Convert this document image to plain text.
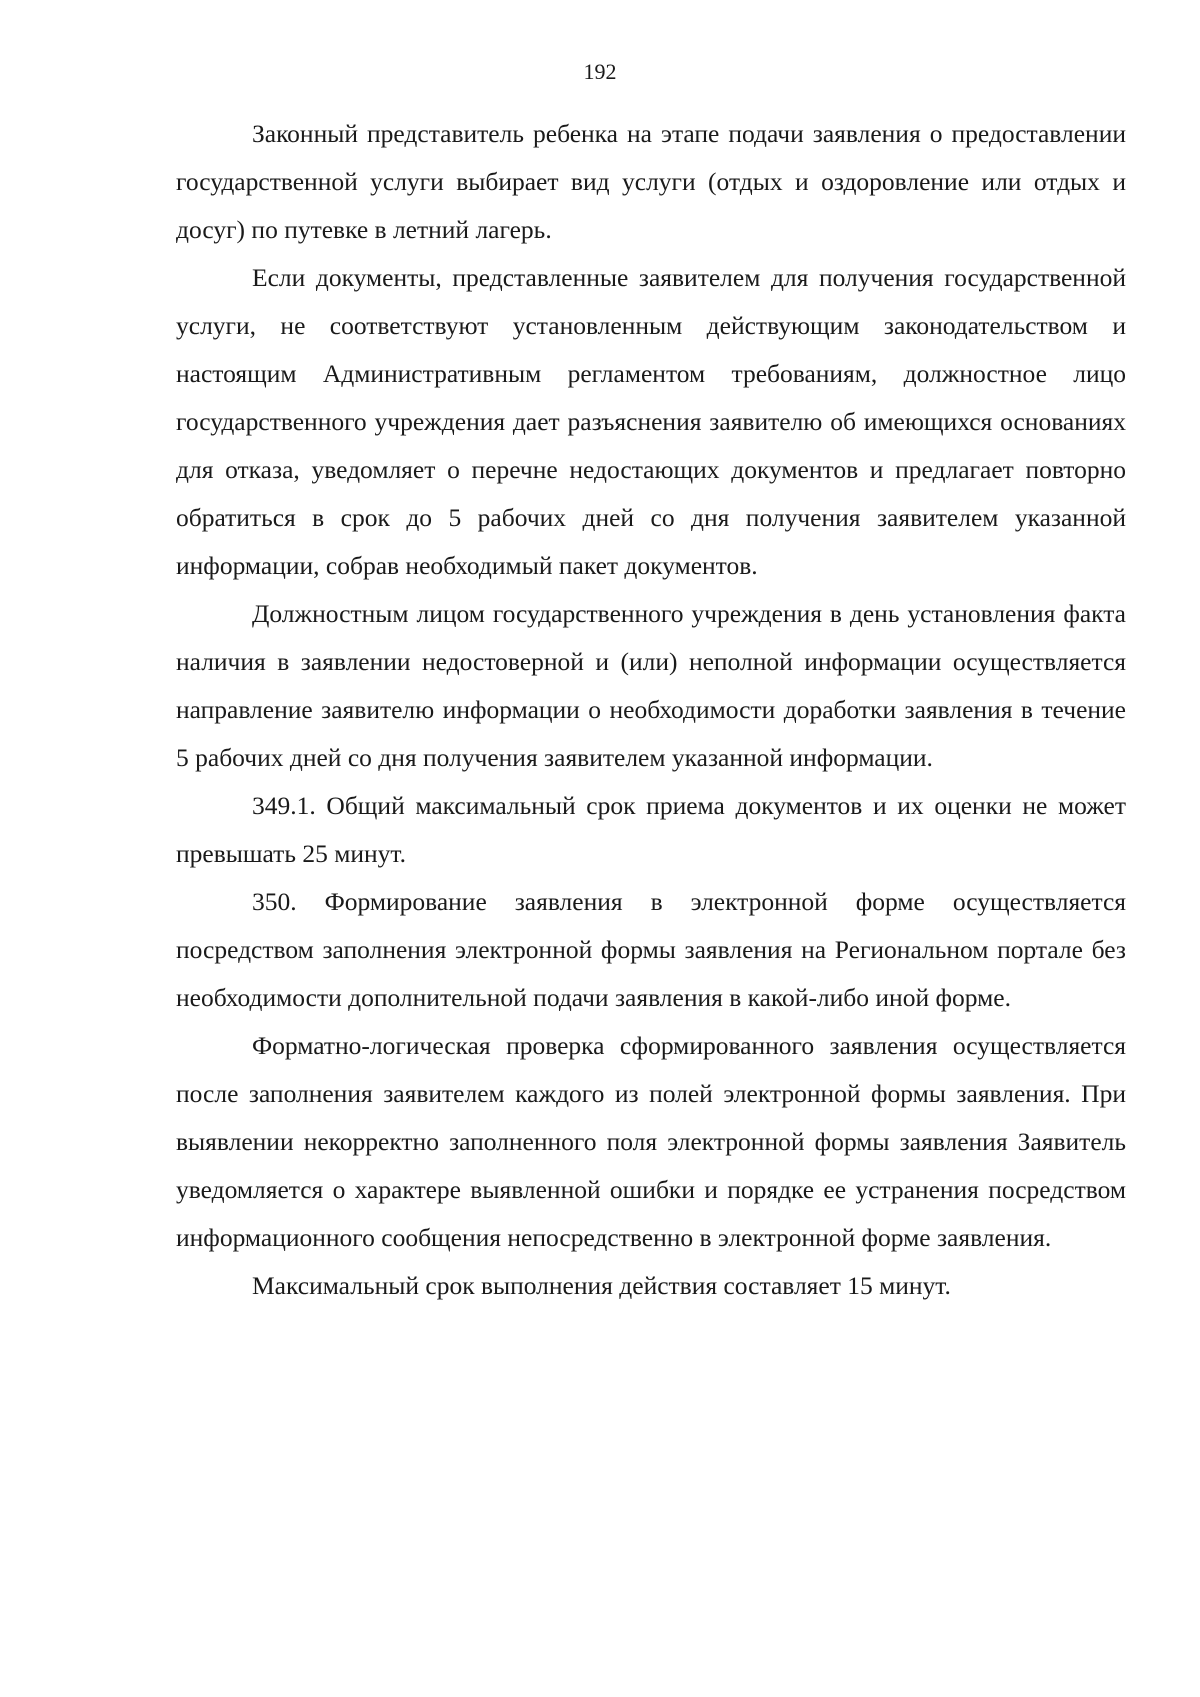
192

Законный представитель ребенка на этапе подачи заявления о предоставлении государственной услуги выбирает вид услуги (отдых и оздоровление или отдых и досуг) по путевке в летний лагерь.

Если документы, представленные заявителем для получения государственной услуги, не соответствуют установленным действующим законодательством и настоящим Административным регламентом требованиям, должностное лицо государственного учреждения дает разъяснения заявителю об имеющихся основаниях для отказа, уведомляет о перечне недостающих документов и предлагает повторно обратиться в срок до 5 рабочих дней со дня получения заявителем указанной информации, собрав необходимый пакет документов.

Должностным лицом государственного учреждения в день установления факта наличия в заявлении недостоверной и (или) неполной информации осуществляется направление заявителю информации о необходимости доработки заявления в течение 5 рабочих дней со дня получения заявителем указанной информации.

349.1. Общий максимальный срок приема документов и их оценки не может превышать 25 минут.

350. Формирование заявления в электронной форме осуществляется посредством заполнения электронной формы заявления на Региональном портале без необходимости дополнительной подачи заявления в какой-либо иной форме.

Форматно-логическая проверка сформированного заявления осуществляется после заполнения заявителем каждого из полей электронной формы заявления. При выявлении некорректно заполненного поля электронной формы заявления Заявитель уведомляется о характере выявленной ошибки и порядке ее устранения посредством информационного сообщения непосредственно в электронной форме заявления.

Максимальный срок выполнения действия составляет 15 минут.
